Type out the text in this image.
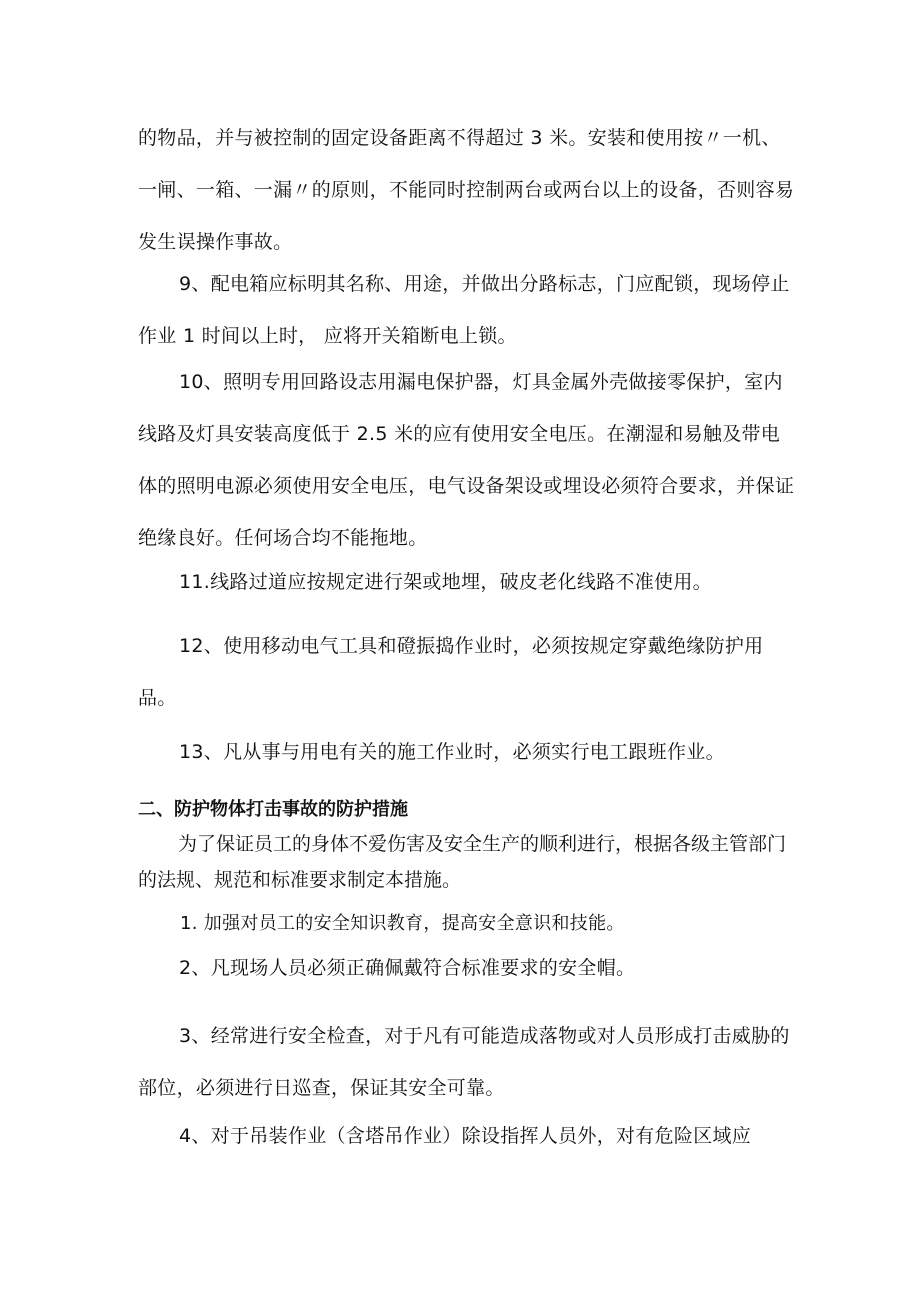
的物品，并与被控制的固定设备距离不得超过 3 米。安装和使用按〃一机、一闸、一箱、一漏〃的原则，不能同时控制两台或两台以上的设备，否则容易发生误操作事故。

9、配电箱应标明其名称、用途，并做出分路标志，门应配锁，现场停止作业 1 时间以上时， 应将开关箱断电上锁。

10、照明专用回路设志用漏电保护器，灯具金属外壳做接零保护，室内线路及灯具安装高度低于 2.5 米的应有使用安全电压。在潮湿和易触及带电体的照明电源必须使用安全电压，电气设备架设或埋设必须符合要求，并保证绝缘良好。任何场合均不能拖地。

11.线路过道应按规定进行架或地埋，破皮老化线路不准使用。

12、使用移动电气工具和磴振捣作业时，必须按规定穿戴绝缘防护用品。

13、凡从事与用电有关的施工作业时，必须实行电工跟班作业。

二、防护物体打击事故的防护措施

为了保证员工的身体不爱伤害及安全生产的顺利进行，根据各级主管部门的法规、规范和标准要求制定本措施。

1. 加强对员工的安全知识教育，提高安全意识和技能。

2、凡现场人员必须正确佩戴符合标准要求的安全帽。

3、经常进行安全检查，对于凡有可能造成落物或对人员形成打击威胁的部位，必须进行日巡查，保证其安全可靠。

4、对于吊装作业（含塔吊作业）除设指挥人员外，对有危险区域应
